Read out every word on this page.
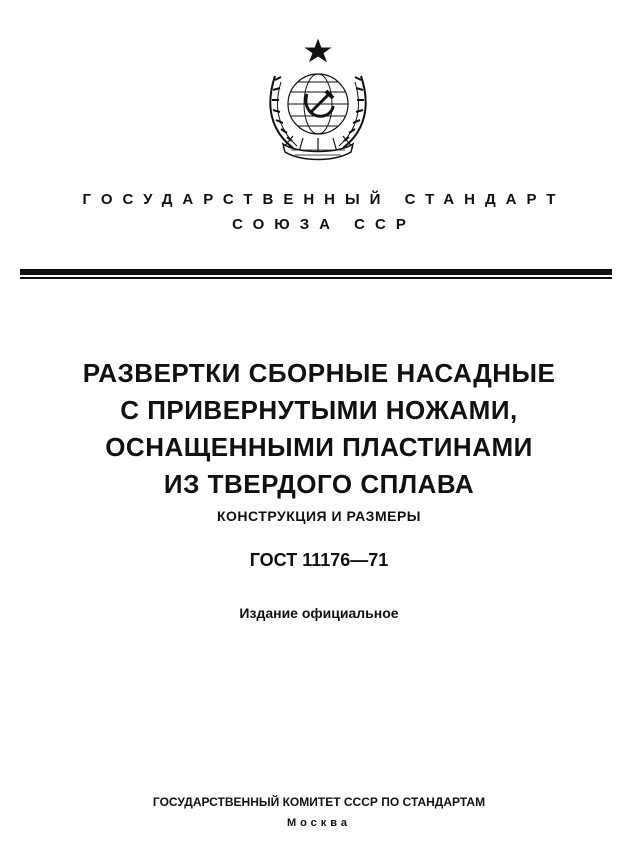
ГОСУДАРСТВЕННЫЙ СТАНДАРТ
СОЮЗА ССР
РАЗВЕРТКИ СБОРНЫЕ НАСАДНЫЕ
С ПРИВЕРНУТЫМИ НОЖАМИ,
ОСНАЩЕННЫМИ ПЛАСТИНАМИ
ИЗ ТВЕРДОГО СПЛАВА
КОНСТРУКЦИЯ И РАЗМЕРЫ
ГОСТ 11176—71
Издание официальное
ГОСУДАРСТВЕННЫЙ КОМИТЕТ СССР ПО СТАНДАРТАМ
Москва
